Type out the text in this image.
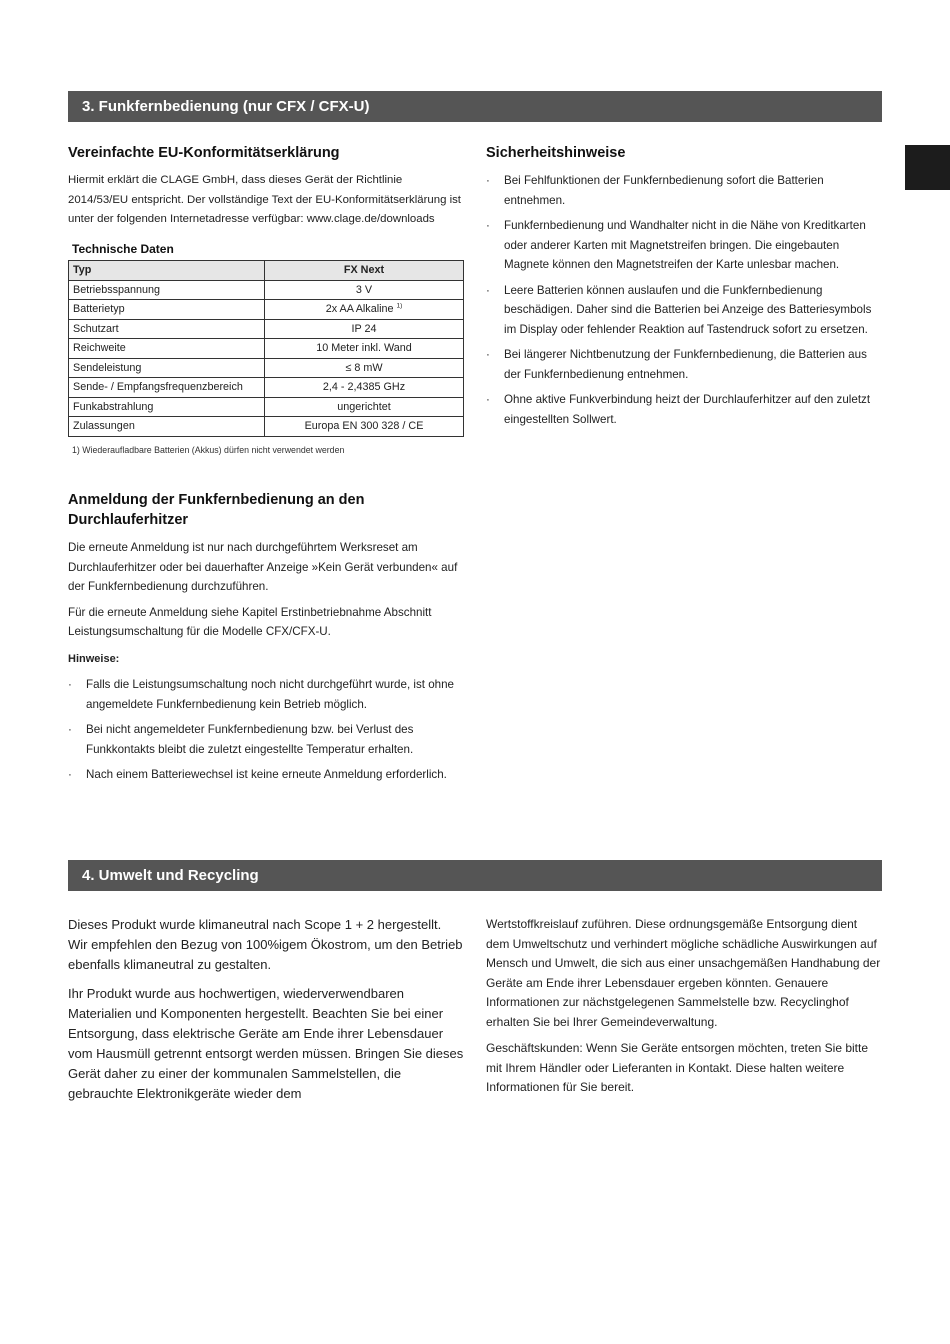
3. Funkfernbedienung (nur CFX / CFX-U)
Vereinfachte EU-Konformitätserklärung

Hiermit erklärt die CLAGE GmbH, dass dieses Gerät der Richtlinie 2014/53/EU entspricht. Der vollständige Text der EU-Konformitätserklärung ist unter der folgenden Internetadresse verfügbar: www.clage.de/downloads

Technische Daten
Typ	FX Next
Betriebsspannung	3 V
Batterietyp	2x AA Alkaline $^{1)}$
Schutzart	IP 24
Reichweite	10 Meter inkl. Wand
Sendeleistung	≤ 8 mW
Sende- / Empfangsfrequenzbereich	2,4 - 2,4385 GHz
Funkabstrahlung	ungerichtet
Zulassungen	Europa EN 300 328 / CE
1) Wiederaufladbare Batterien (Akkus) dürfen nicht verwendet werden
Anmeldung der Funkfernbedienung an den Durchlauferhitzer

Die erneute Anmeldung ist nur nach durchgeführtem Werksreset am Durchlauferhitzer oder bei dauerhafter Anzeige »Kein Gerät verbunden« auf der Funkfernbedienung durchzuführen.

Für die erneute Anmeldung siehe Kapitel Erstinbetriebnahme Abschnitt Leistungsumschaltung für die Modelle CFX/CFX-U.

Hinweise:
· Falls die Leistungsumschaltung noch nicht durchgeführt wurde, ist ohne angemeldete Funkfernbedienung kein Betrieb möglich.
· Bei nicht angemeldeter Funkfernbedienung bzw. bei Verlust des Funkkontakts bleibt die zuletzt eingestellte Temperatur erhalten.
· Nach einem Batteriewechsel ist keine erneute Anmeldung erforderlich.
Sicherheitshinweise
· Bei Fehlfunktionen der Funkfernbedienung sofort die Batterien entnehmen.
· Funkfernbedienung und Wandhalter nicht in die Nähe von Kreditkarten oder anderer Karten mit Magnetstreifen bringen. Die eingebauten Magnete können den Magnetstreifen der Karte unlesbar machen.
· Leere Batterien können auslaufen und die Funkfernbedienung beschädigen. Daher sind die Batterien bei Anzeige des Batteriesymbols im Display oder fehlender Reaktion auf Tastendruck sofort zu ersetzen.
· Bei längerer Nichtbenutzung der Funkfernbedienung, die Batterien aus der Funkfernbedienung entnehmen.
· Ohne aktive Funkverbindung heizt der Durchlauferhitzer auf den zuletzt eingestellten Sollwert.
4. Umwelt und Recycling

Dieses Produkt wurde klimaneutral nach Scope 1 + 2 hergestellt. Wir empfehlen den Bezug von 100%igem Ökostrom, um den Betrieb ebenfalls klimaneutral zu gestalten.

Ihr Produkt wurde aus hochwertigen, wiederverwendbaren Materialien und Komponenten hergestellt. Beachten Sie bei einer Entsorgung, dass elektrische Geräte am Ende ihrer Lebensdauer vom Hausmüll getrennt entsorgt werden müssen. Bringen Sie dieses Gerät daher zu einer der kommunalen Sammelstellen, die gebrauchte Elektronikgeräte wieder dem

Wertstoffkreislauf zuführen. Diese ordnungsgemäße Entsorgung dient dem Umweltschutz und verhindert mögliche schädliche Auswirkungen auf Mensch und Umwelt, die sich aus einer unsachgemäßen Handhabung der Geräte am Ende ihrer Lebensdauer ergeben könnten. Genauere Informationen zur nächstgelegenen Sammelstelle bzw. Recyclinghof erhalten Sie bei Ihrer Gemeindeverwaltung.

Geschäftskunden: Wenn Sie Geräte entsorgen möchten, treten Sie bitte mit Ihrem Händler oder Lieferanten in Kontakt. Diese halten weitere Informationen für Sie bereit.
